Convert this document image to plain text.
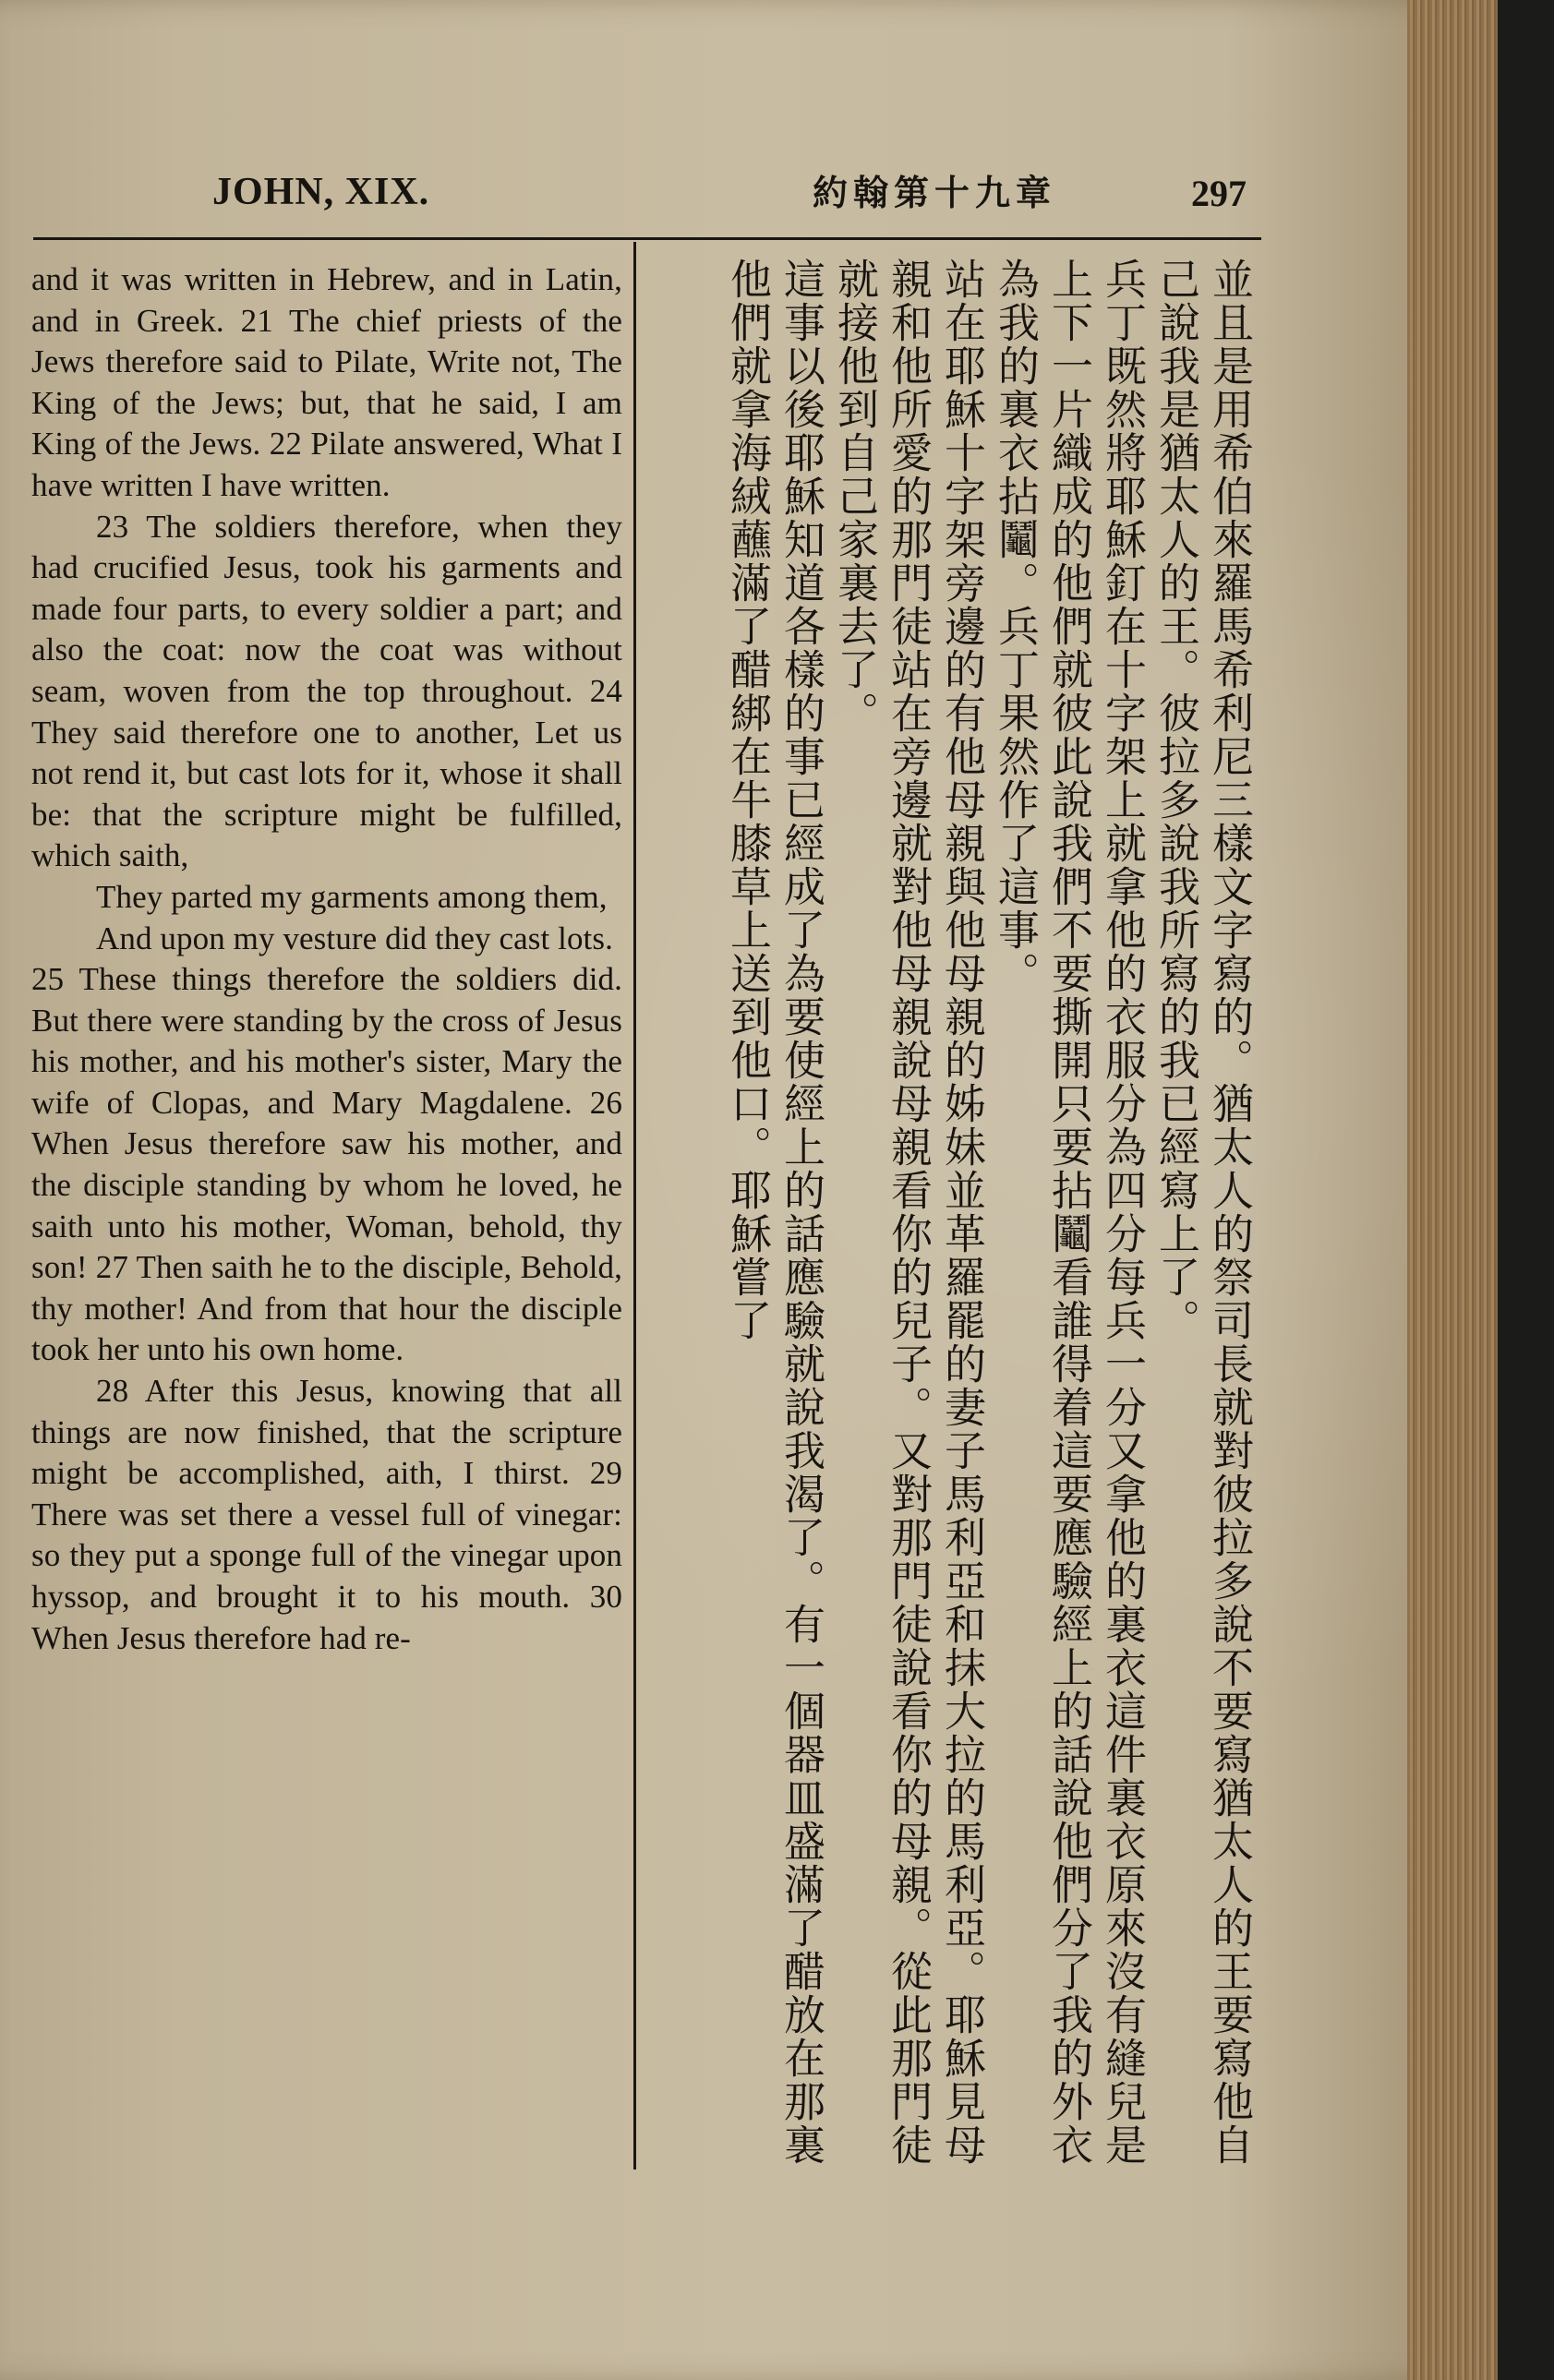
JOHN, XIX.	約翰第十九章	297

and it was written in Hebrew, and in Latin, and in Greek. 21 The chief priests of the Jews therefore said to Pilate, Write not, The King of the Jews; but, that he said, I am King of the Jews. 22 Pilate answered, What I have written I have written.

23 The soldiers therefore, when they had crucified Jesus, took his garments and made four parts, to every soldier a part; and also the coat: now the coat was without seam, woven from the top throughout. 24 They said therefore one to another, Let us not rend it, but cast lots for it, whose it shall be: that the scripture might be fulfilled, which saith,

They parted my garments among them,

And upon my vesture did they cast lots.

25 These things therefore the soldiers did. But there were standing by the cross of Jesus his mother, and his mother's sister, Mary the wife of Clopas, and Mary Magdalene. 26 When Jesus therefore saw his mother, and the disciple standing by whom he loved, he saith unto his mother, Woman, behold, thy son! 27 Then saith he to the disciple, Behold, thy mother! And from that hour the disciple took her unto his own home.

28 After this Jesus, knowing that all things are now finished, that the scripture might be accomplished, aith, I thirst. 29 There was set there a vessel full of vinegar: so they put a sponge full of the vinegar upon hyssop, and brought it to his mouth. 30 When Jesus therefore had re-	並且是用希伯來羅馬希利尼三樣文字寫的。猶太人的祭司長就對彼拉多說不要寫猶太人的王要寫他自己說我是猶太人的王。彼拉多說我所寫的我已經寫上了。

兵丁既然將耶穌釘在十字架上就拿他的衣服分為四分每兵一分又拿他的裏衣這件裏衣原來沒有縫兒是上下一片織成的他們就彼此說我們不要撕開只要拈鬮看誰得着這要應驗經上的話說他們分了我的外衣為我的裏衣拈鬮。兵丁果然作了這事。

站在耶穌十字架旁邊的有他母親與他母親的姊妹並革羅罷的妻子馬利亞和抹大拉的馬利亞。耶穌見母親和他所愛的那門徒站在旁邊就對他母親說母親看你的兒子。又對那門徒說看你的母親。從此那門徒就接他到自己家裏去了。

這事以後耶穌知道各樣的事已經成了為要使經上的話應驗就說我渴了。有一個器皿盛滿了醋放在那裏他們就拿海絨蘸滿了醋綁在牛膝草上送到他口。耶穌嘗了
